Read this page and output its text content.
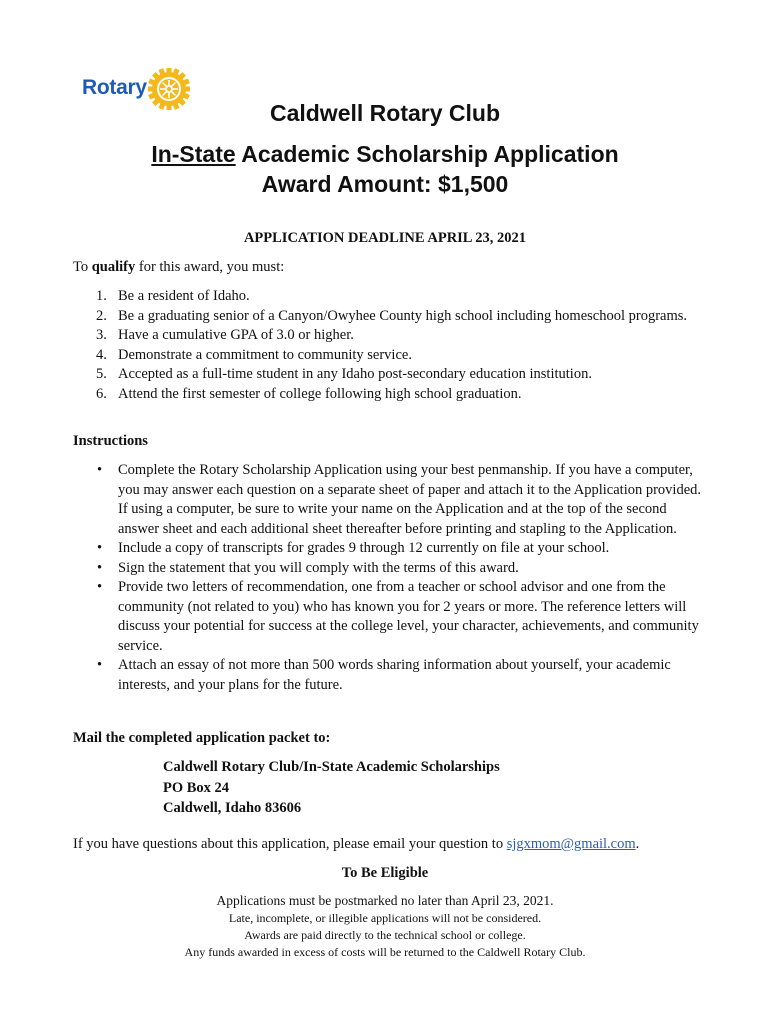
Rotary
Caldwell Rotary Club
In-State Academic Scholarship Application
Award Amount: $1,500
APPLICATION DEADLINE APRIL 23, 2021
To qualify for this award, you must:
1. Be a resident of Idaho.
2. Be a graduating senior of a Canyon/Owyhee County high school including homeschool programs.
3. Have a cumulative GPA of 3.0 or higher.
4. Demonstrate a commitment to community service.
5. Accepted as a full-time student in any Idaho post-secondary education institution.
6. Attend the first semester of college following high school graduation.
Instructions
• Complete the Rotary Scholarship Application using your best penmanship. If you have a computer, you may answer each question on a separate sheet of paper and attach it to the Application provided. If using a computer, be sure to write your name on the Application and at the top of the second answer sheet and each additional sheet thereafter before printing and stapling to the Application.
• Include a copy of transcripts for grades 9 through 12 currently on file at your school.
• Sign the statement that you will comply with the terms of this award.
• Provide two letters of recommendation, one from a teacher or school advisor and one from the community (not related to you) who has known you for 2 years or more. The reference letters will discuss your potential for success at the college level, your character, achievements, and community service.
• Attach an essay of not more than 500 words sharing information about yourself, your academic interests, and your plans for the future.
Mail the completed application packet to:
Caldwell Rotary Club/In-State Academic Scholarships
PO Box 24
Caldwell, Idaho 83606
If you have questions about this application, please email your question to sjgxmom@gmail.com.
To Be Eligible
Applications must be postmarked no later than April 23, 2021.
Late, incomplete, or illegible applications will not be considered.
Awards are paid directly to the technical school or college.
Any funds awarded in excess of costs will be returned to the Caldwell Rotary Club.
